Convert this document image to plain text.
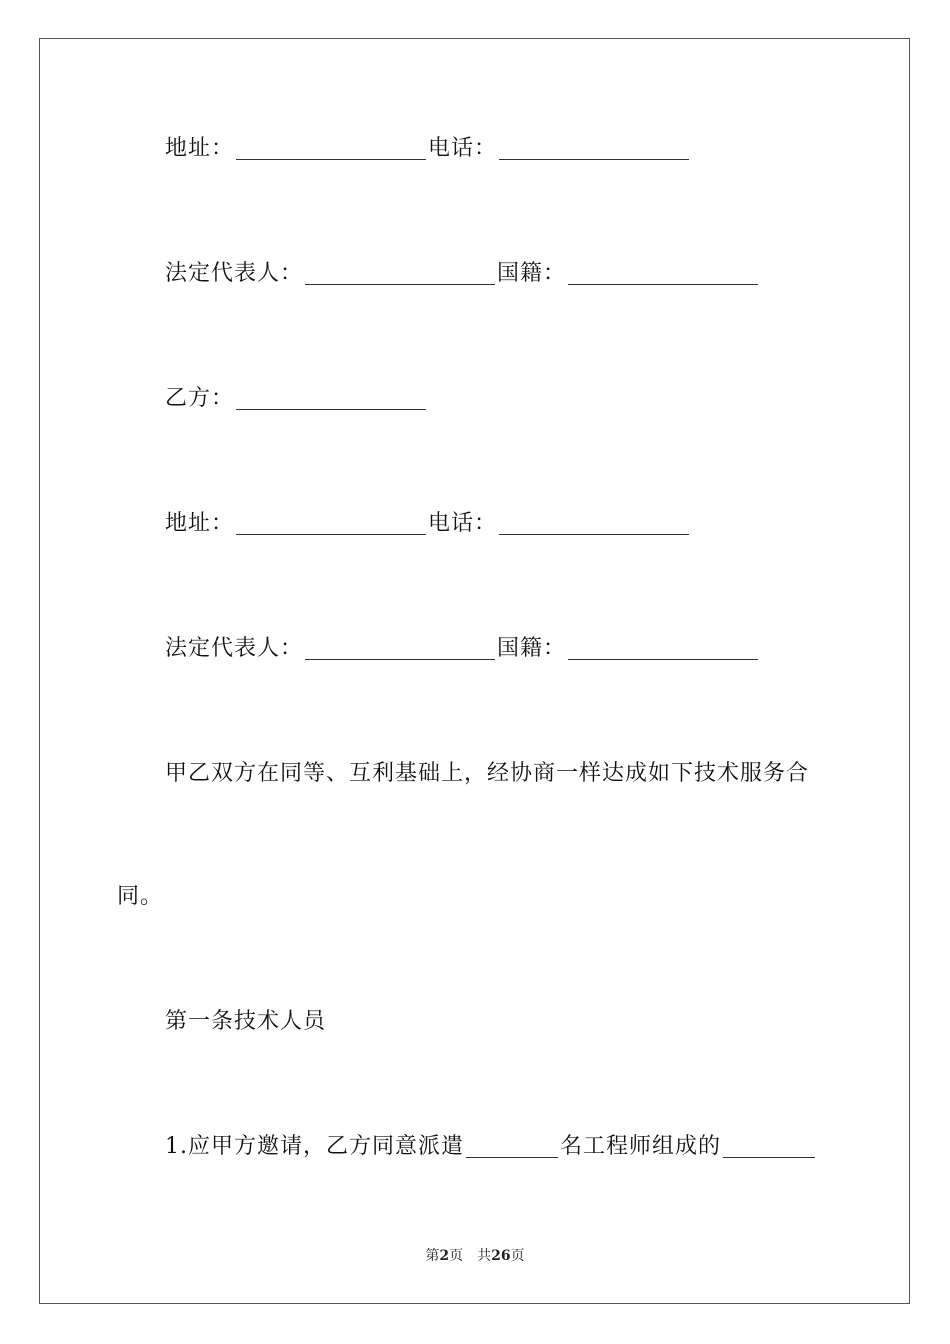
地址：	电话：
法定代表人：	国籍：
乙方：
地址：	电话：
法定代表人：	国籍：
甲乙双方在同等、互利基础上，经协商一样达成如下技术服务合
同。
第一条技术人员
1.应甲方邀请，乙方同意派遣	名工程师组成的
第2页 共26页
